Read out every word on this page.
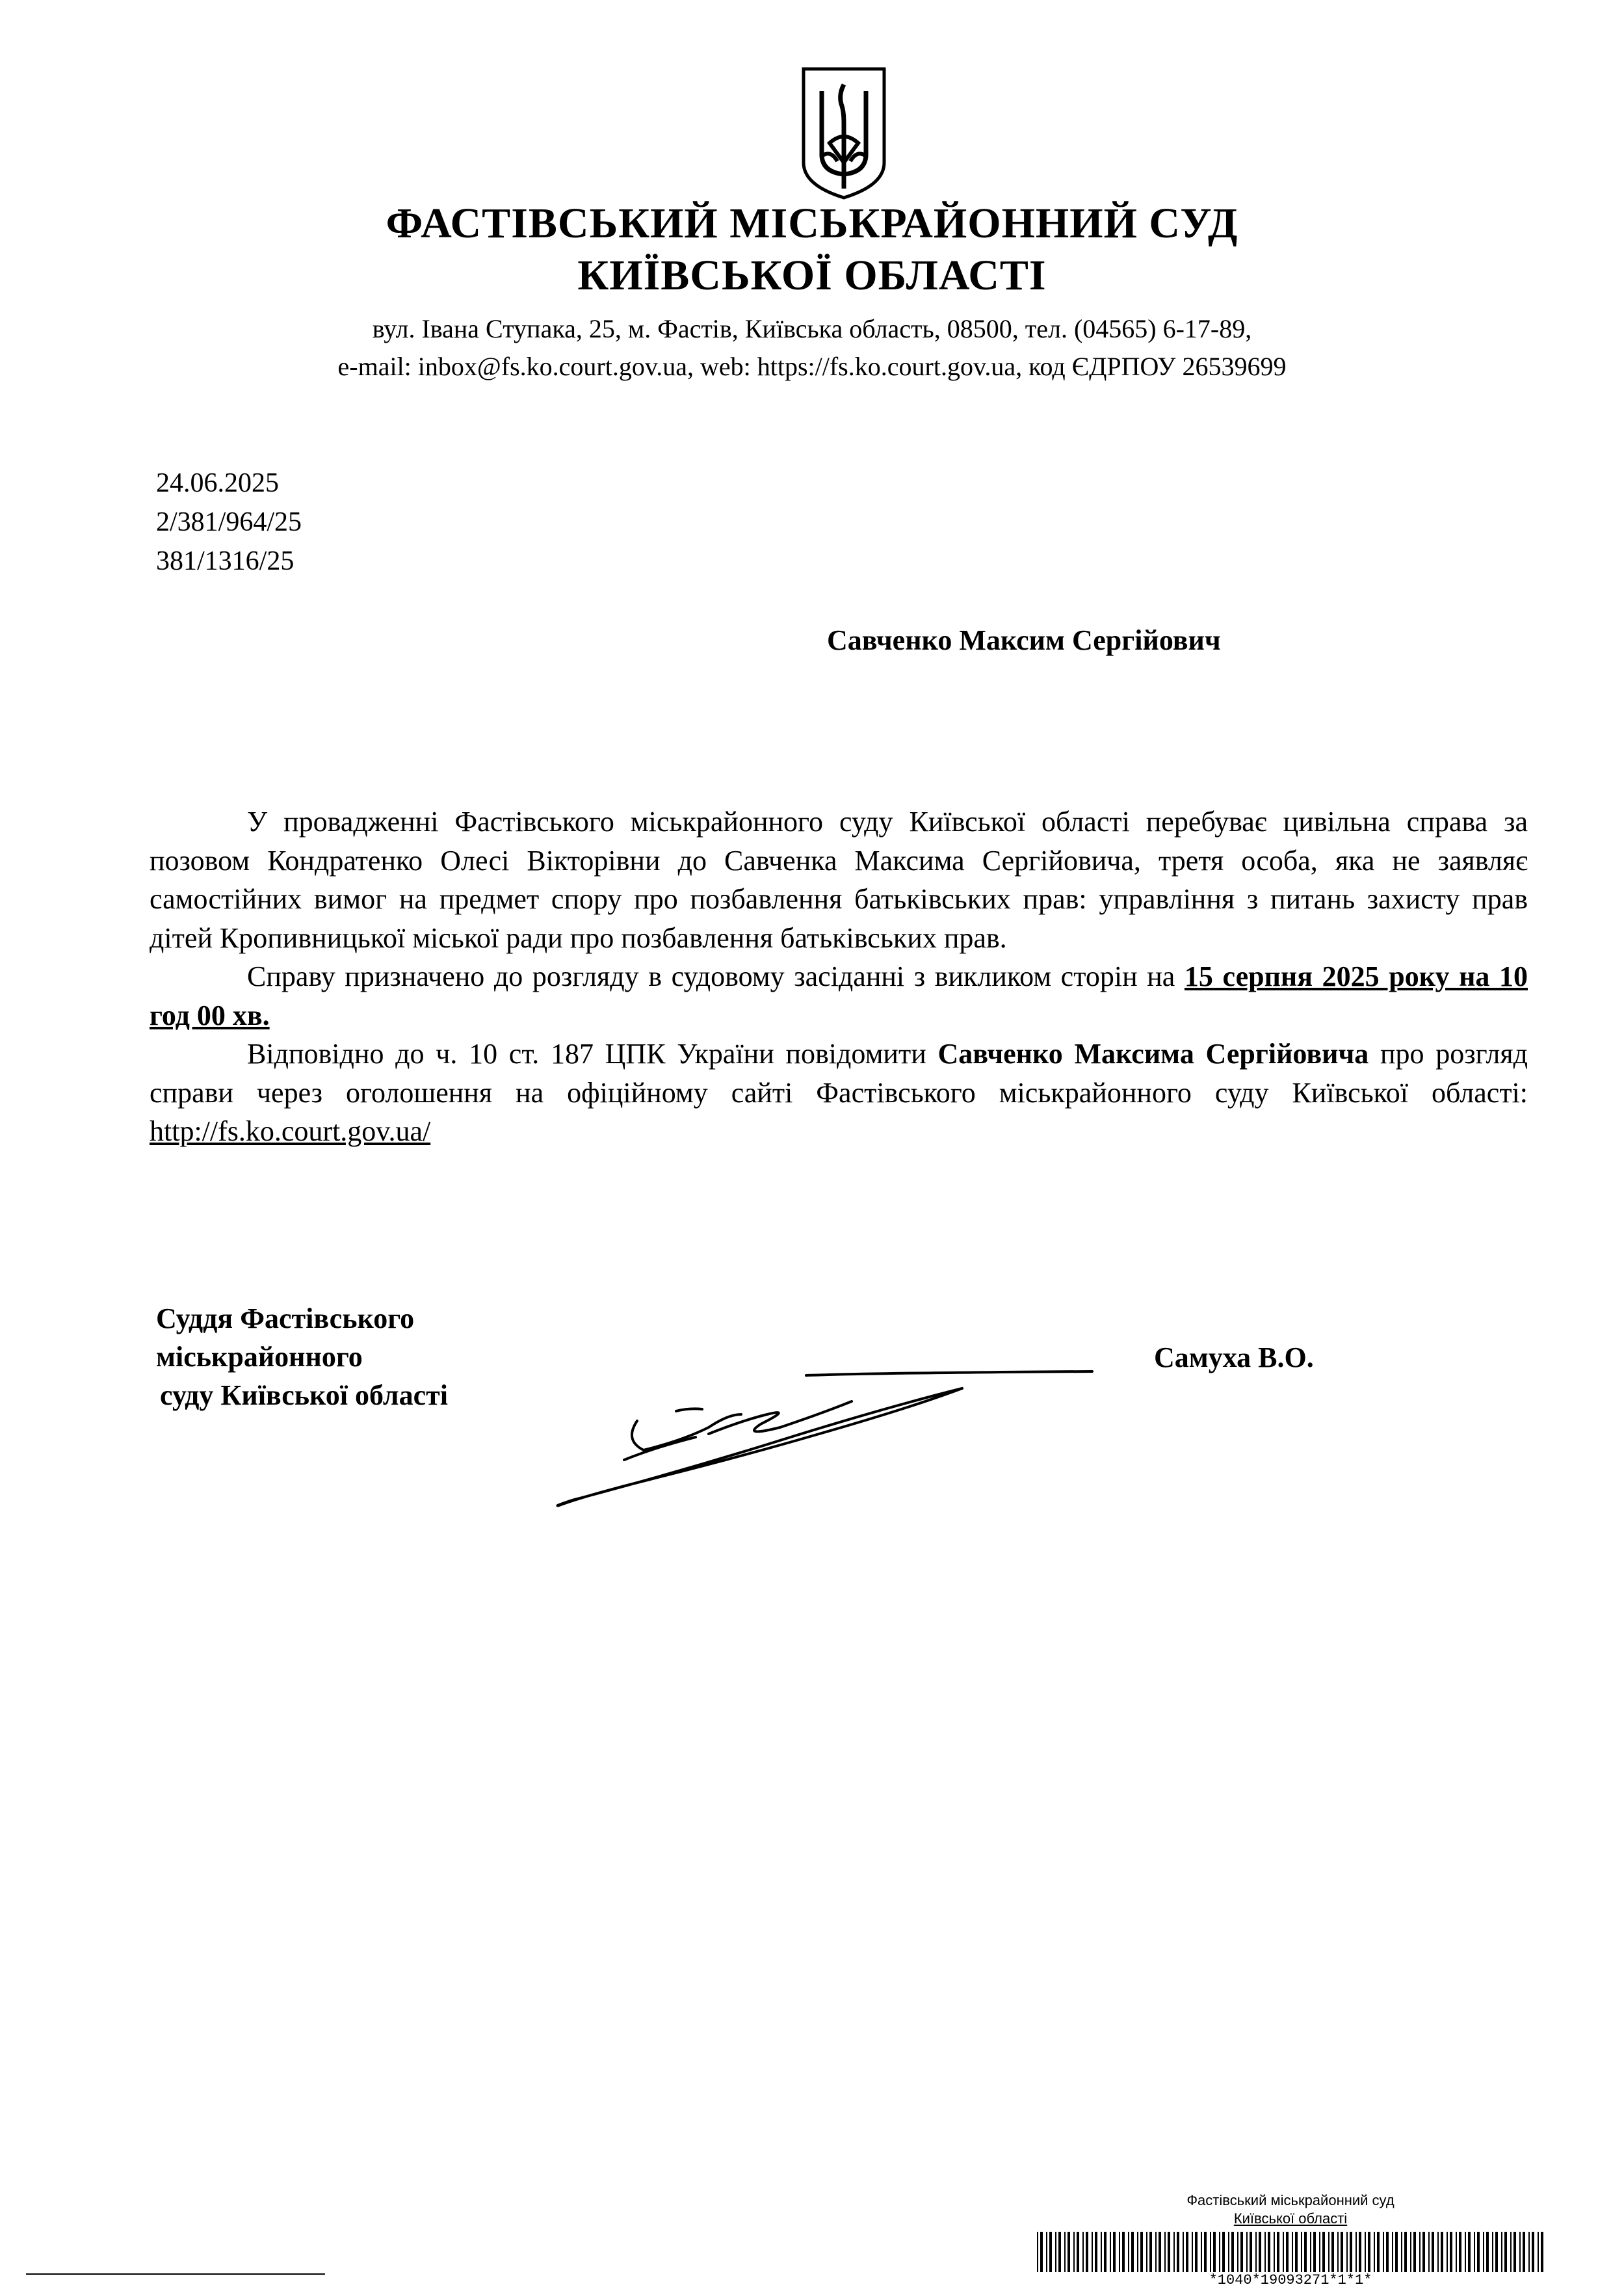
ФАСТІВСЬКИЙ МІСЬКРАЙОННИЙ СУД
КИЇВСЬКОЇ ОБЛАСТІ
вул. Івана Ступака, 25, м. Фастів, Київська область, 08500, тел. (04565) 6-17-89,
e-mail: inbox@fs.ko.court.gov.ua, web: https://fs.ko.court.gov.ua, код ЄДРПОУ 26539699
24.06.2025
2/381/964/25
381/1316/25
Савченко Максим Сергійович

У провадженні Фастівського міськрайонного суду Київської області перебуває цивільна справа за позовом Кондратенко Олесі Вікторівни до Савченка Максима Сергійовича, третя особа, яка не заявляє самостійних вимог на предмет спору про позбавлення батьківських прав: управління з питань захисту прав дітей Кропивницької міської ради про позбавлення батьківських прав.

Справу призначено до розгляду в судовому засіданні з викликом сторін на 15 серпня 2025 року на 10 год 00 хв.

Відповідно до ч. 10 ст. 187 ЦПК України повідомити Савченко Максима Сергійовича про розгляд справи через оголошення на офіційному сайті Фастівського міськрайонного суду Київської області: http://fs.ko.court.gov.ua/

Суддя Фастівського
міськрайонного
суду Київської області
Самуха В.О.
Фастівський міськрайонний суд
Київської області
*1040*19093271*1*1*
